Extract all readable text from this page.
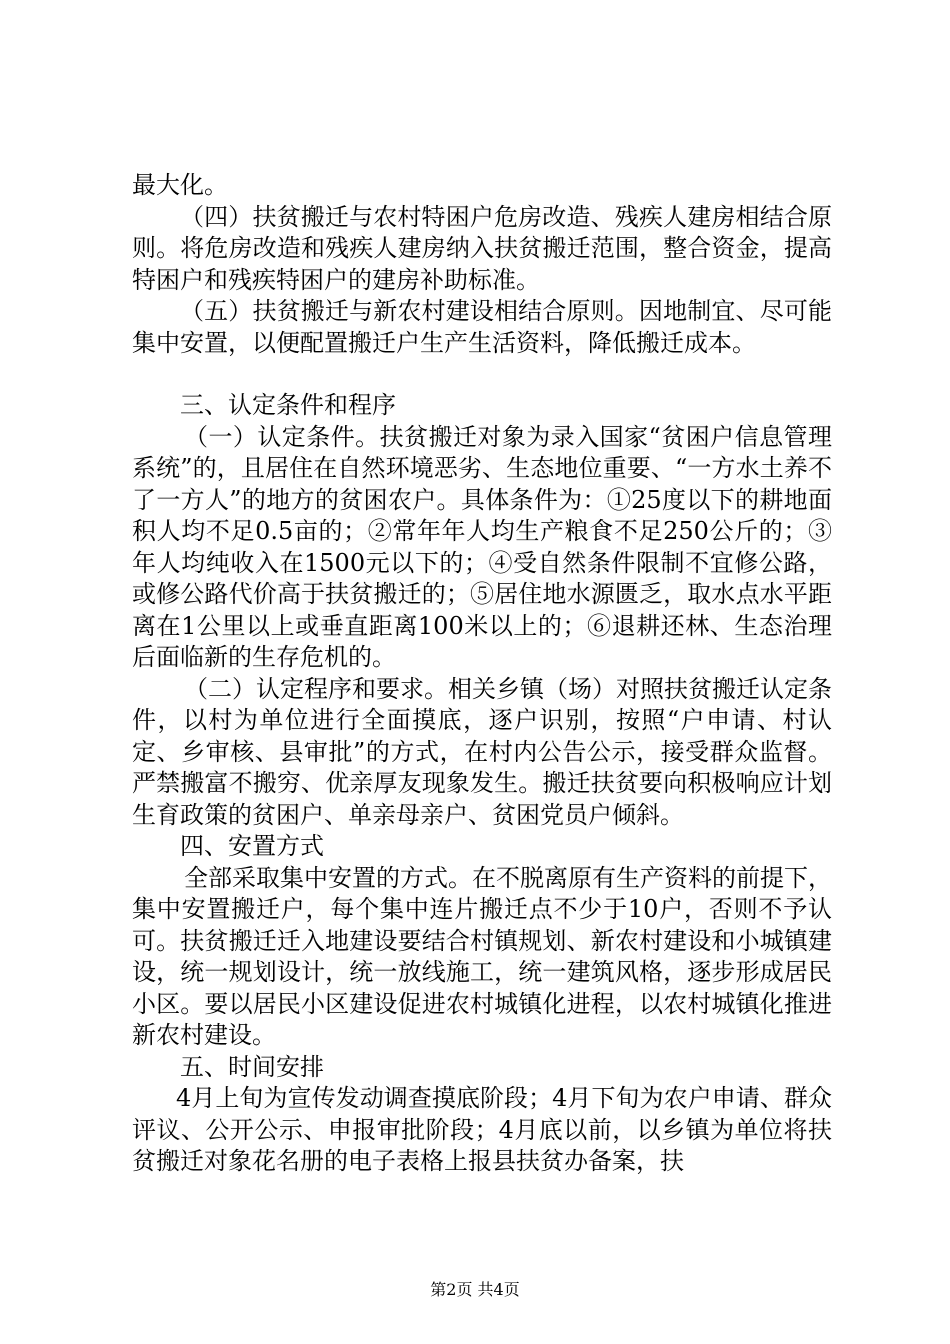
最大化。

（四）扶贫搬迁与农村特困户危房改造、残疾人建房相结合原则。将危房改造和残疾人建房纳入扶贫搬迁范围，整合资金，提高特困户和残疾特困户的建房补助标准。

（五）扶贫搬迁与新农村建设相结合原则。因地制宜、尽可能集中安置，以便配置搬迁户生产生活资料，降低搬迁成本。

三、认定条件和程序

（一）认定条件。扶贫搬迁对象为录入国家“贫困户信息管理系统”的，且居住在自然环境恶劣、生态地位重要、“一方水土养不了一方人”的地方的贫困农户。具体条件为：①25度以下的耕地面积人均不足0.5亩的；②常年年人均生产粮食不足250公斤的；③年人均纯收入在1500元以下的；④受自然条件限制不宜修公路，或修公路代价高于扶贫搬迁的；⑤居住地水源匮乏，取水点水平距离在1公里以上或垂直距离100米以上的；⑥退耕还林、生态治理后面临新的生存危机的。

（二）认定程序和要求。相关乡镇（场）对照扶贫搬迁认定条件，以村为单位进行全面摸底，逐户识别，按照“户申请、村认定、乡审核、县审批”的方式，在村内公告公示，接受群众监督。严禁搬富不搬穷、优亲厚友现象发生。搬迁扶贫要向积极响应计划生育政策的贫困户、单亲母亲户、贫困党员户倾斜。

四、安置方式

全部采取集中安置的方式。在不脱离原有生产资料的前提下，集中安置搬迁户，每个集中连片搬迁点不少于10户，否则不予认可。扶贫搬迁迁入地建设要结合村镇规划、新农村建设和小城镇建设，统一规划设计，统一放线施工，统一建筑风格，逐步形成居民小区。要以居民小区建设促进农村城镇化进程，以农村城镇化推进新农村建设。

五、时间安排

4月上旬为宣传发动调查摸底阶段；4月下旬为农户申请、群众评议、公开公示、申报审批阶段；4月底以前，以乡镇为单位将扶贫搬迁对象花名册的电子表格上报县扶贫办备案，扶

第2页 共4页
